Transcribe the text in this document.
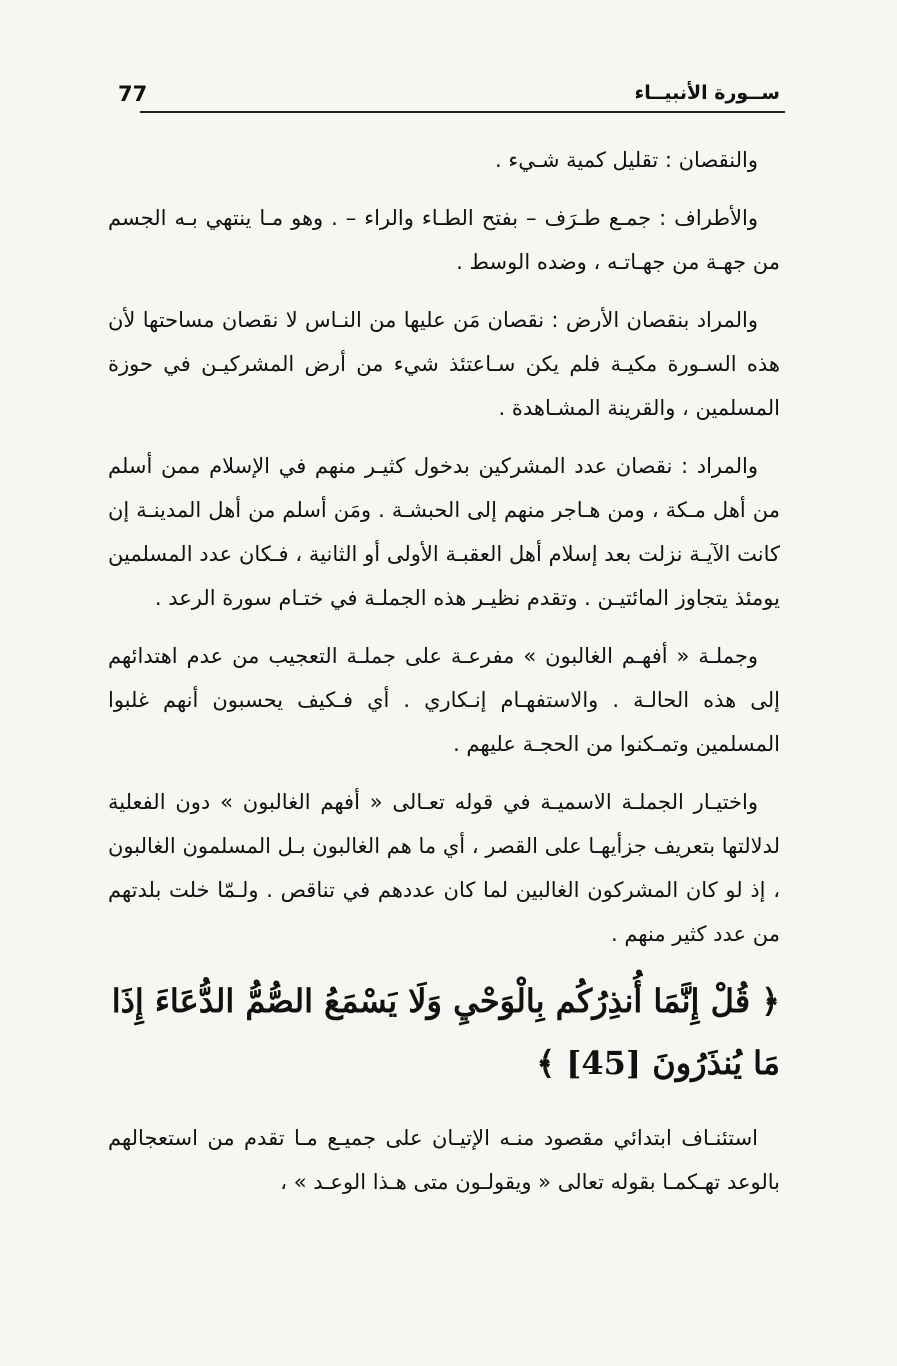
77	ســورة الأنبيــاء

والنقصان : تقليل كمية شـيء .

والأطراف : جمـع طـرَف – بفتح الطـاء والراء – . وهو مـا ينتهي بـه الجسم من جهـة من جهـاتـه ، وضده الوسط .

والمراد بنقصان الأرض : نقصان مَن عليها من النـاس لا نقصان مساحتها لأن هذه السـورة مكيـة فلم يكن سـاعتئذ شيء من أرض المشركيـن في حوزة المسلمين ، والقرينة المشـاهدة .

والمراد : نقصان عدد المشركين بدخول كثيـر منهم في الإسلام ممن أسلم من أهل مـكة ، ومن هـاجر منهم إلى الحبشـة . ومَن أسلم من أهل المدينـة إن كانت الآيـة نزلت بعد إسلام أهل العقبـة الأولى أو الثانية ، فـكان عدد المسلمين يومئذ يتجاوز المائتيـن . وتقدم نظيـر هذه الجملـة في ختـام سورة الرعد .

وجملـة « أفهـم الغالبون » مفرعـة على جملـة التعجيب من عدم اهتدائهم إلى هذه الحالـة . والاستفهـام إنـكاري . أي فـكيف يحسبون أنهم غلبوا المسلمين وتمـكنوا من الحجـة عليهم .

واختيـار الجملـة الاسميـة في قوله تعـالى « أفهم الغالبون » دون الفعلية لدلالتها بتعريف جزأيهـا على القصر ، أي ما هم الغالبون بـل المسلمون الغالبون ، إذ لو كان المشركون الغالبين لما كان عددهم في تناقص . ولـمّا خلت بلدتهم من عدد كثير منهم .

﴿ قُلْ إِنَّمَا أُنذِرُكُم بِالْوَحْيِ وَلَا يَسْمَعُ الصُّمُّ الدُّعَاءَ إِذَا مَا يُنذَرُونَ [45] ﴾

استئنـاف ابتدائي مقصود منـه الإتيـان على جميـع مـا تقدم من استعجالهم بالوعد تهـكمـا بقوله تعالى « ويقولـون متى هـذا الوعـد » ،
